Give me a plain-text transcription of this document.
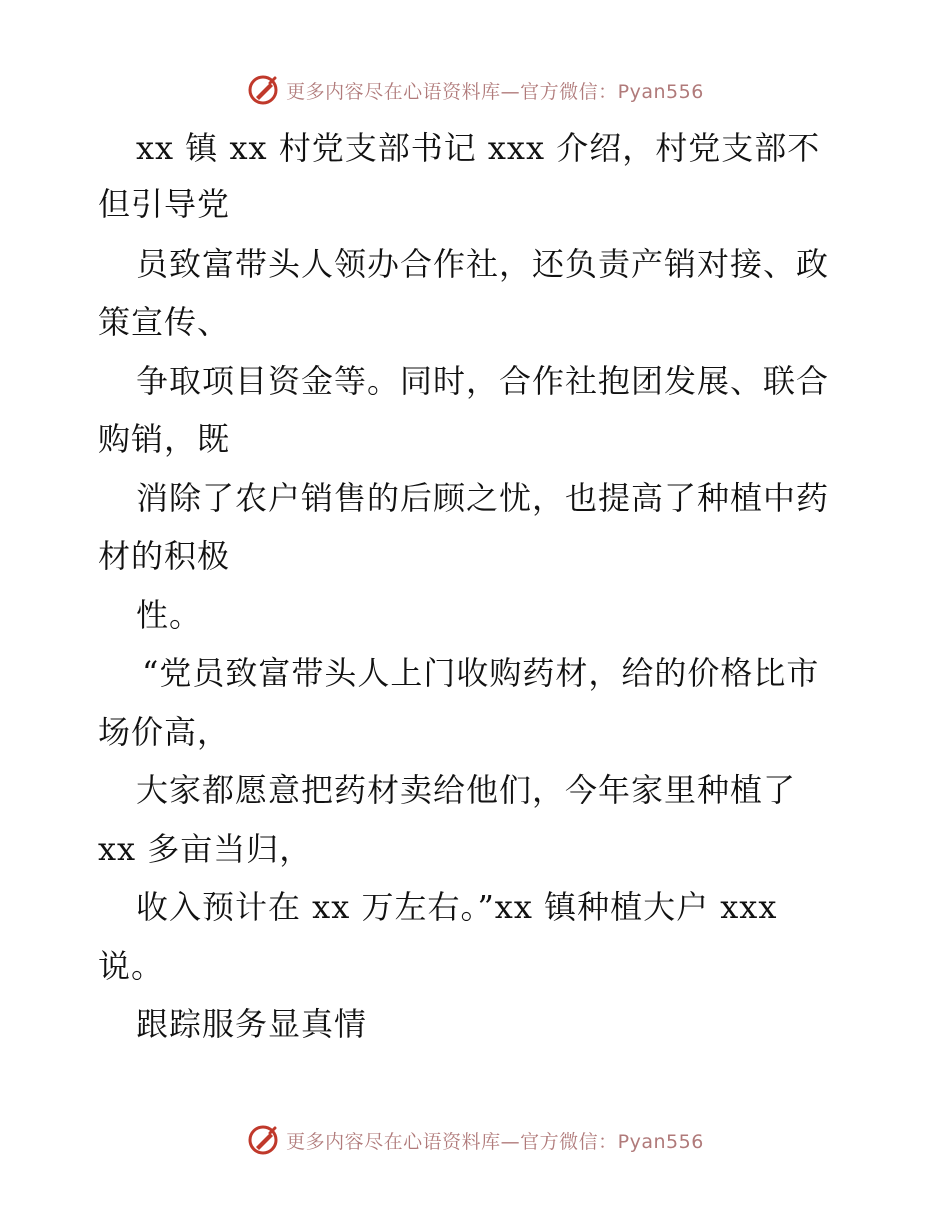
更多内容尽在心语资料库—官方微信：Pyan556
xx 镇 xx 村党支部书记 xxx 介绍，村党支部不
但引导党
员致富带头人领办合作社，还负责产销对接、政
策宣传、
争取项目资金等。同时，合作社抱团发展、联合
购销，既
消除了农户销售的后顾之忧，也提高了种植中药
材的积极
性。
“党员致富带头人上门收购药材，给的价格比市
场价高，
大家都愿意把药材卖给他们，今年家里种植了
xx 多亩当归，
收入预计在 xx 万左右。”xx 镇种植大户 xxx
说。
跟踪服务显真情
更多内容尽在心语资料库—官方微信：Pyan556
